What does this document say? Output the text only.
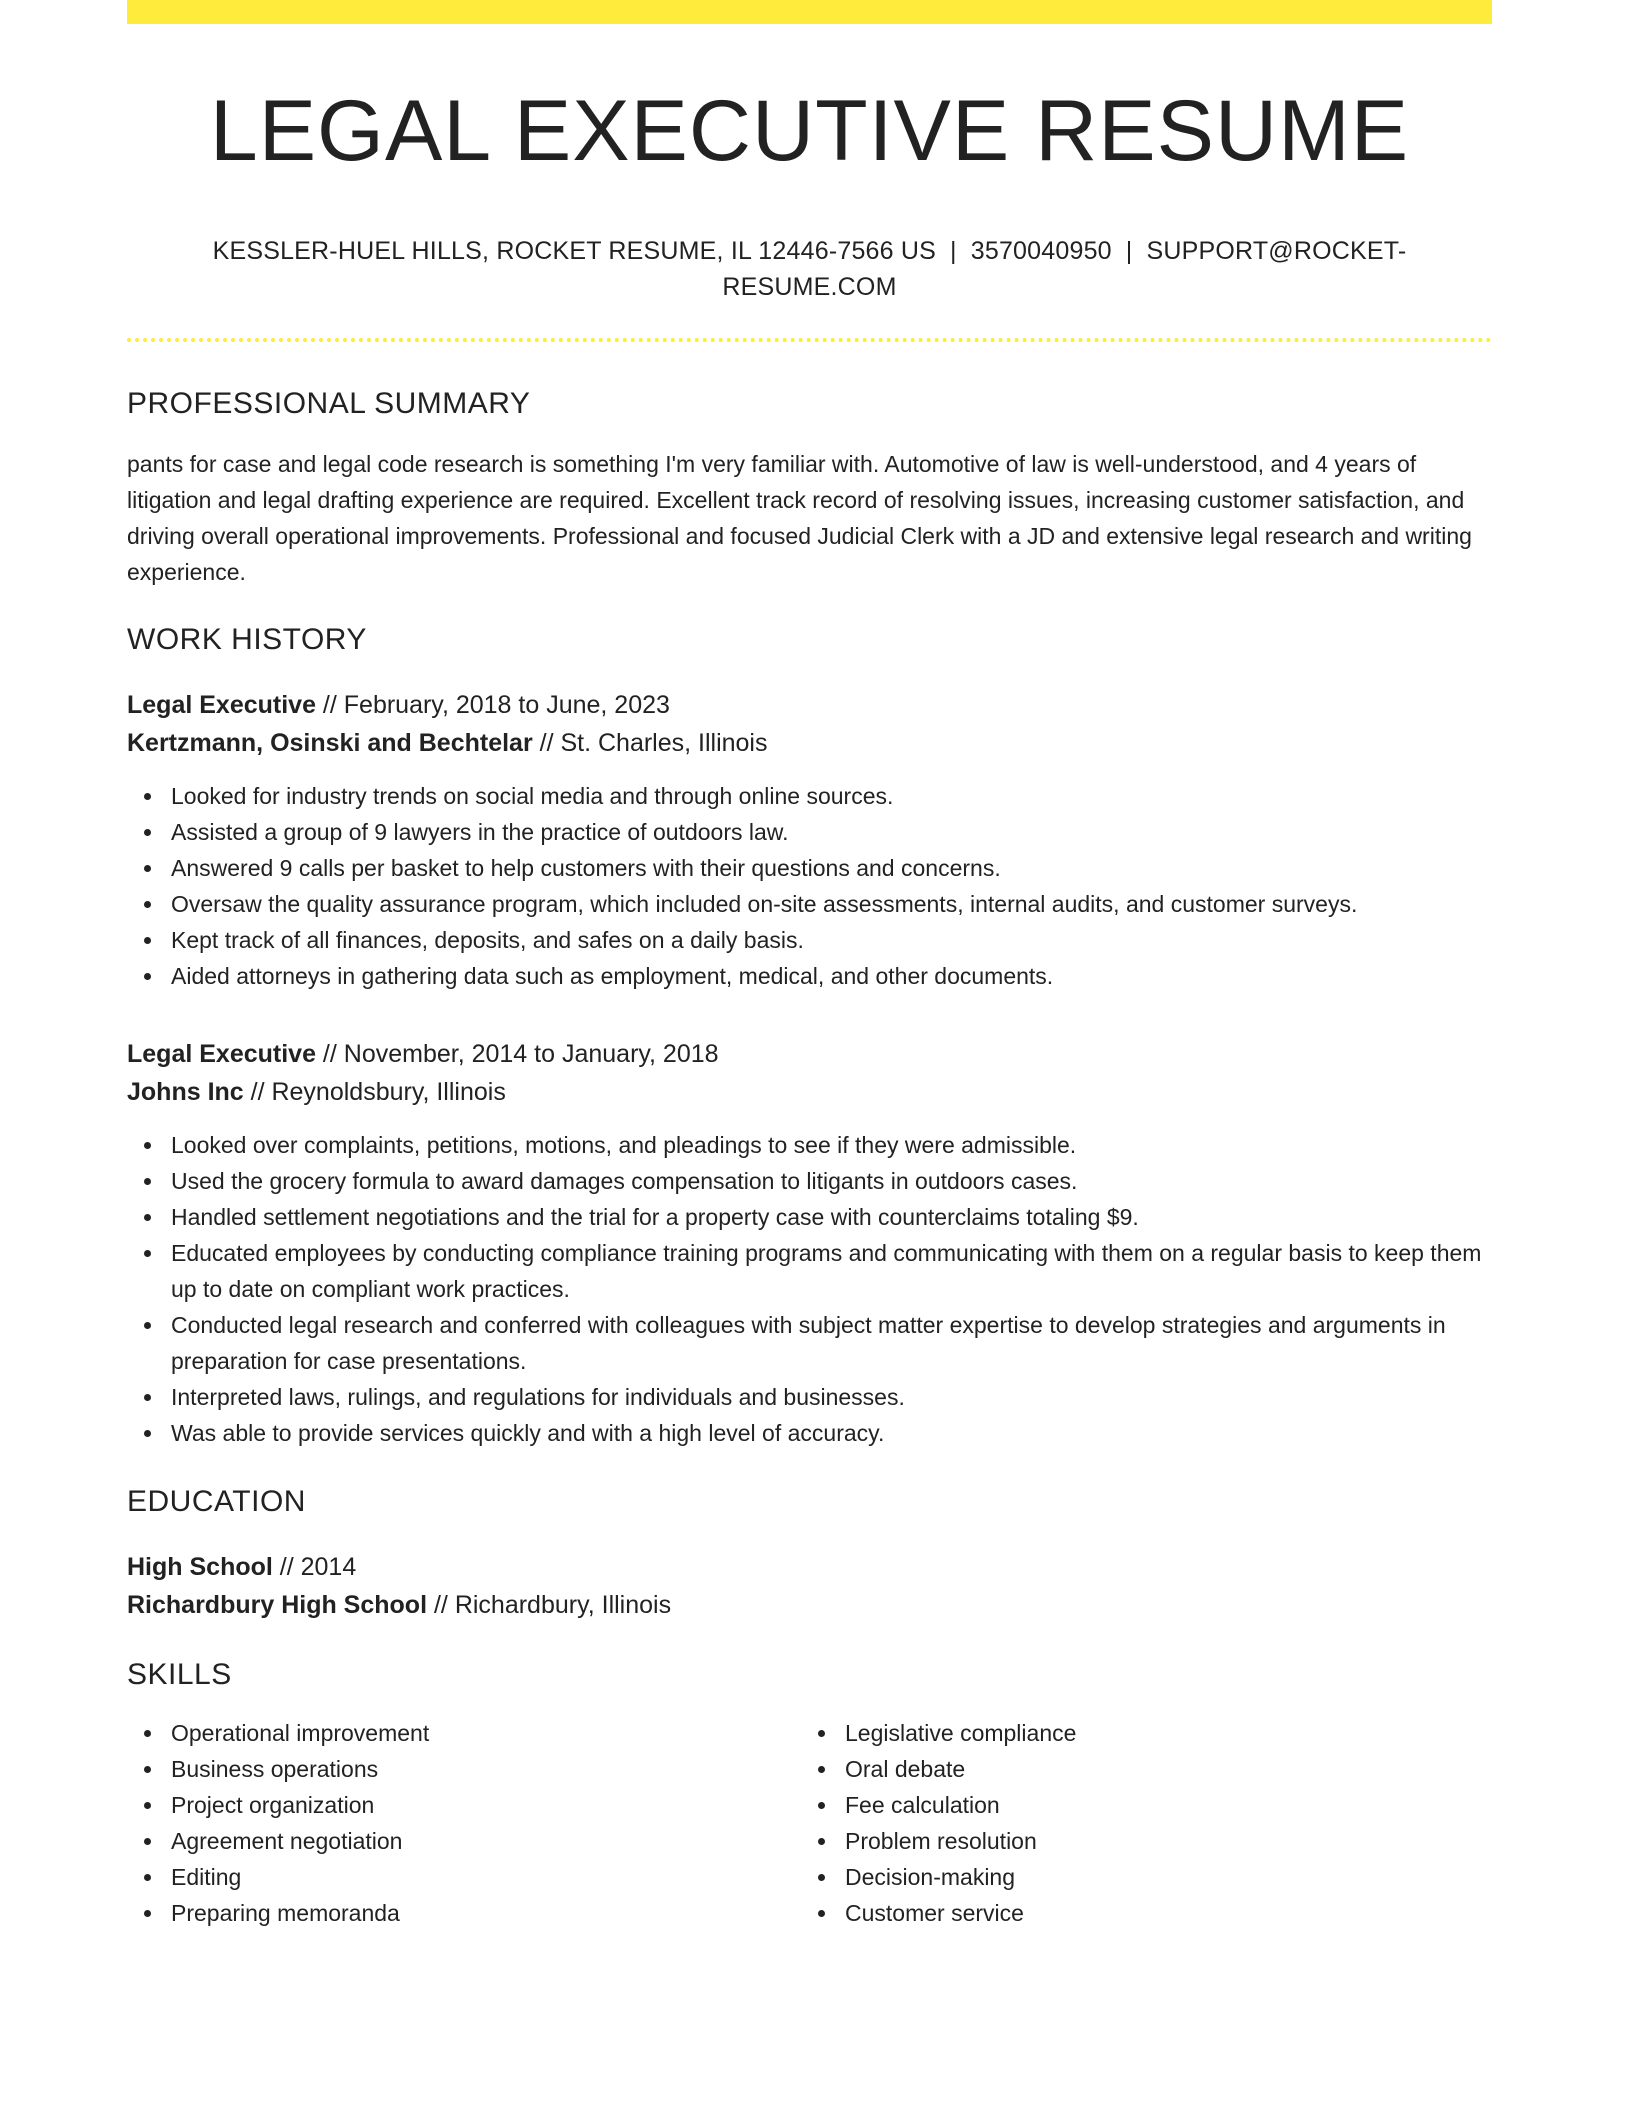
LEGAL EXECUTIVE RESUME
KESSLER-HUEL HILLS, ROCKET RESUME, IL 12446-7566 US | 3570040950 | SUPPORT@ROCKET-RESUME.COM
PROFESSIONAL SUMMARY
pants for case and legal code research is something I'm very familiar with. Automotive of law is well-understood, and 4 years of litigation and legal drafting experience are required. Excellent track record of resolving issues, increasing customer satisfaction, and driving overall operational improvements. Professional and focused Judicial Clerk with a JD and extensive legal research and writing experience.
WORK HISTORY
Legal Executive // February, 2018 to June, 2023
Kertzmann, Osinski and Bechtelar // St. Charles, Illinois
Looked for industry trends on social media and through online sources.
Assisted a group of 9 lawyers in the practice of outdoors law.
Answered 9 calls per basket to help customers with their questions and concerns.
Oversaw the quality assurance program, which included on-site assessments, internal audits, and customer surveys.
Kept track of all finances, deposits, and safes on a daily basis.
Aided attorneys in gathering data such as employment, medical, and other documents.
Legal Executive // November, 2014 to January, 2018
Johns Inc // Reynoldsbury, Illinois
Looked over complaints, petitions, motions, and pleadings to see if they were admissible.
Used the grocery formula to award damages compensation to litigants in outdoors cases.
Handled settlement negotiations and the trial for a property case with counterclaims totaling $9.
Educated employees by conducting compliance training programs and communicating with them on a regular basis to keep them up to date on compliant work practices.
Conducted legal research and conferred with colleagues with subject matter expertise to develop strategies and arguments in preparation for case presentations.
Interpreted laws, rulings, and regulations for individuals and businesses.
Was able to provide services quickly and with a high level of accuracy.
EDUCATION
High School // 2014
Richardbury High School // Richardbury, Illinois
SKILLS
Operational improvement
Business operations
Project organization
Agreement negotiation
Editing
Preparing memoranda
Legislative compliance
Oral debate
Fee calculation
Problem resolution
Decision-making
Customer service
